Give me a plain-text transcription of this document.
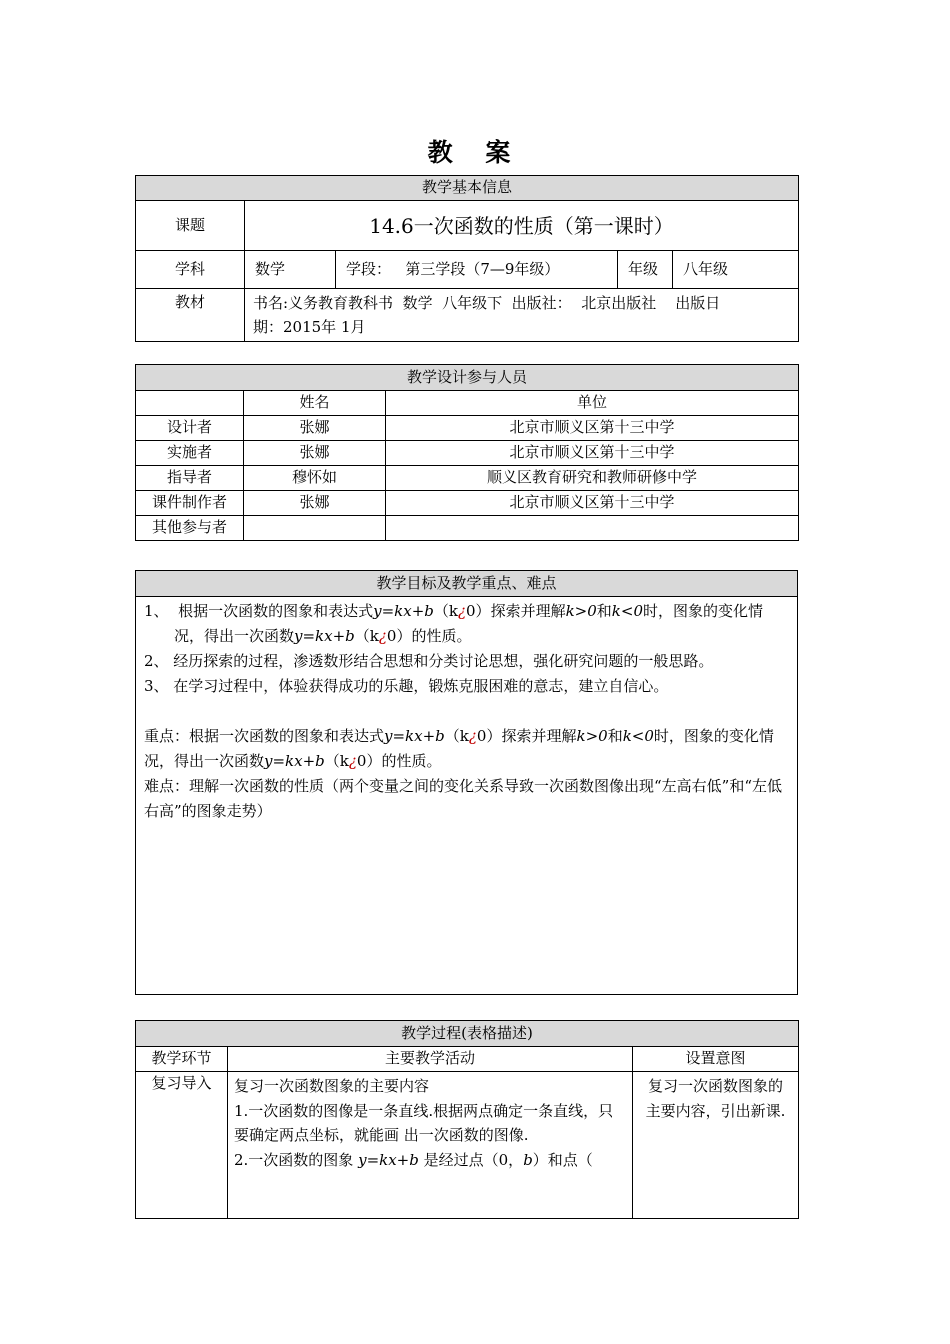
教 案
教学基本信息				
课题	14.6一次函数的性质（第一课时）			
学科	数学	学段： 第三学段（7—9年级）	年级	八年级
教材	书名:义务教育教科书  数学  八年级下  出版社：  北京出版社    出版日
期：2015年 1月			
教学设计参与人员		
	姓名	单位
设计者	张娜	北京市顺义区第十三中学
实施者	张娜	北京市顺义区第十三中学
指导者	穆怀如	顺义区教育研究和教师研修中学
课件制作者	张娜	北京市顺义区第十三中学
其他参与者		
教学目标及教学重点、难点

1、 根据一次函数的图象和表达式y=kx+b（k¿0）探索并理解k>0和k<0时，图象的变化情况，得出一次函数y=kx+b（k¿0）的性质。

2、 经历探索的过程，渗透数形结合思想和分类讨论思想，强化研究问题的一般思路。

3、 在学习过程中，体验获得成功的乐趣，锻炼克服困难的意志，建立自信心。

重点：根据一次函数的图象和表达式y=kx+b（k¿0）探索并理解k>0和k<0时，图象的变化情况，得出一次函数y=kx+b（k¿0）的性质。

难点：理解一次函数的性质（两个变量之间的变化关系导致一次函数图像出现“左高右低”和“左低右高”的图象走势）

教学过程(表格描述)		
教学环节	主要教学活动	设置意图
复习导入	复习一次函数图象的主要内容
1.一次函数的图像是一条直线.根据两点确定一条直线，只要确定两点坐标，就能画 出一次函数的图像.
2.一次函数的图象 y=kx+b 是经过点（0，b）和点（	复习一次函数图象的主要内容，引出新课.
